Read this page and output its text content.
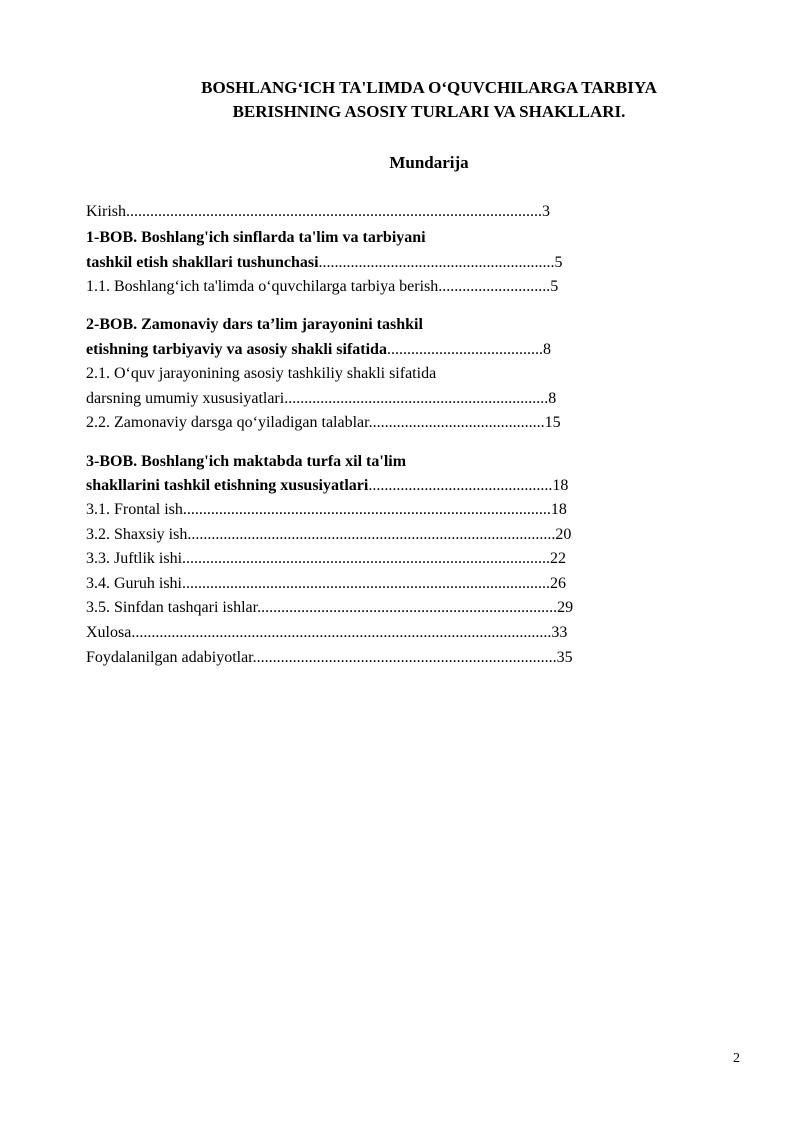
BOSHLANG‘ICH TA'LIMDA O‘QUVCHILARGA TARBIYA
BERISHNING ASOSIY TURLARI VA SHAKLLARI.
Mundarija
Kirish........................................................................................................3
1-BOB. Boshlang'ich sinflarda ta'lim va tarbiyani
tashkil etish shakllari tushunchasi...........................................................5
1.1. Boshlang‘ich ta'limda o‘quvchilarga tarbiya berish............................5
2-BOB. Zamonaviy dars ta’lim jarayonini tashkil
etishning tarbiyaviy va asosiy shakli sifatida.......................................8
2.1. O‘quv jarayonining asosiy tashkiliy shakli sifatida
darsning umumiy xususiyatlari..................................................................8
2.2. Zamonaviy darsga qo‘yiladigan talablar............................................15
3-BOB. Boshlang'ich maktabda turfa xil ta'lim
shakllarini tashkil etishning xususiyatlari..............................................18
3.1. Frontal ish............................................................................................18
3.2. Shaxsiy ish............................................................................................20
3.3. Juftlik ishi............................................................................................22
3.4. Guruh ishi............................................................................................26
3.5. Sinfdan tashqari ishlar...........................................................................29
Xulosa.........................................................................................................33
Foydalanilgan adabiyotlar............................................................................35
2
